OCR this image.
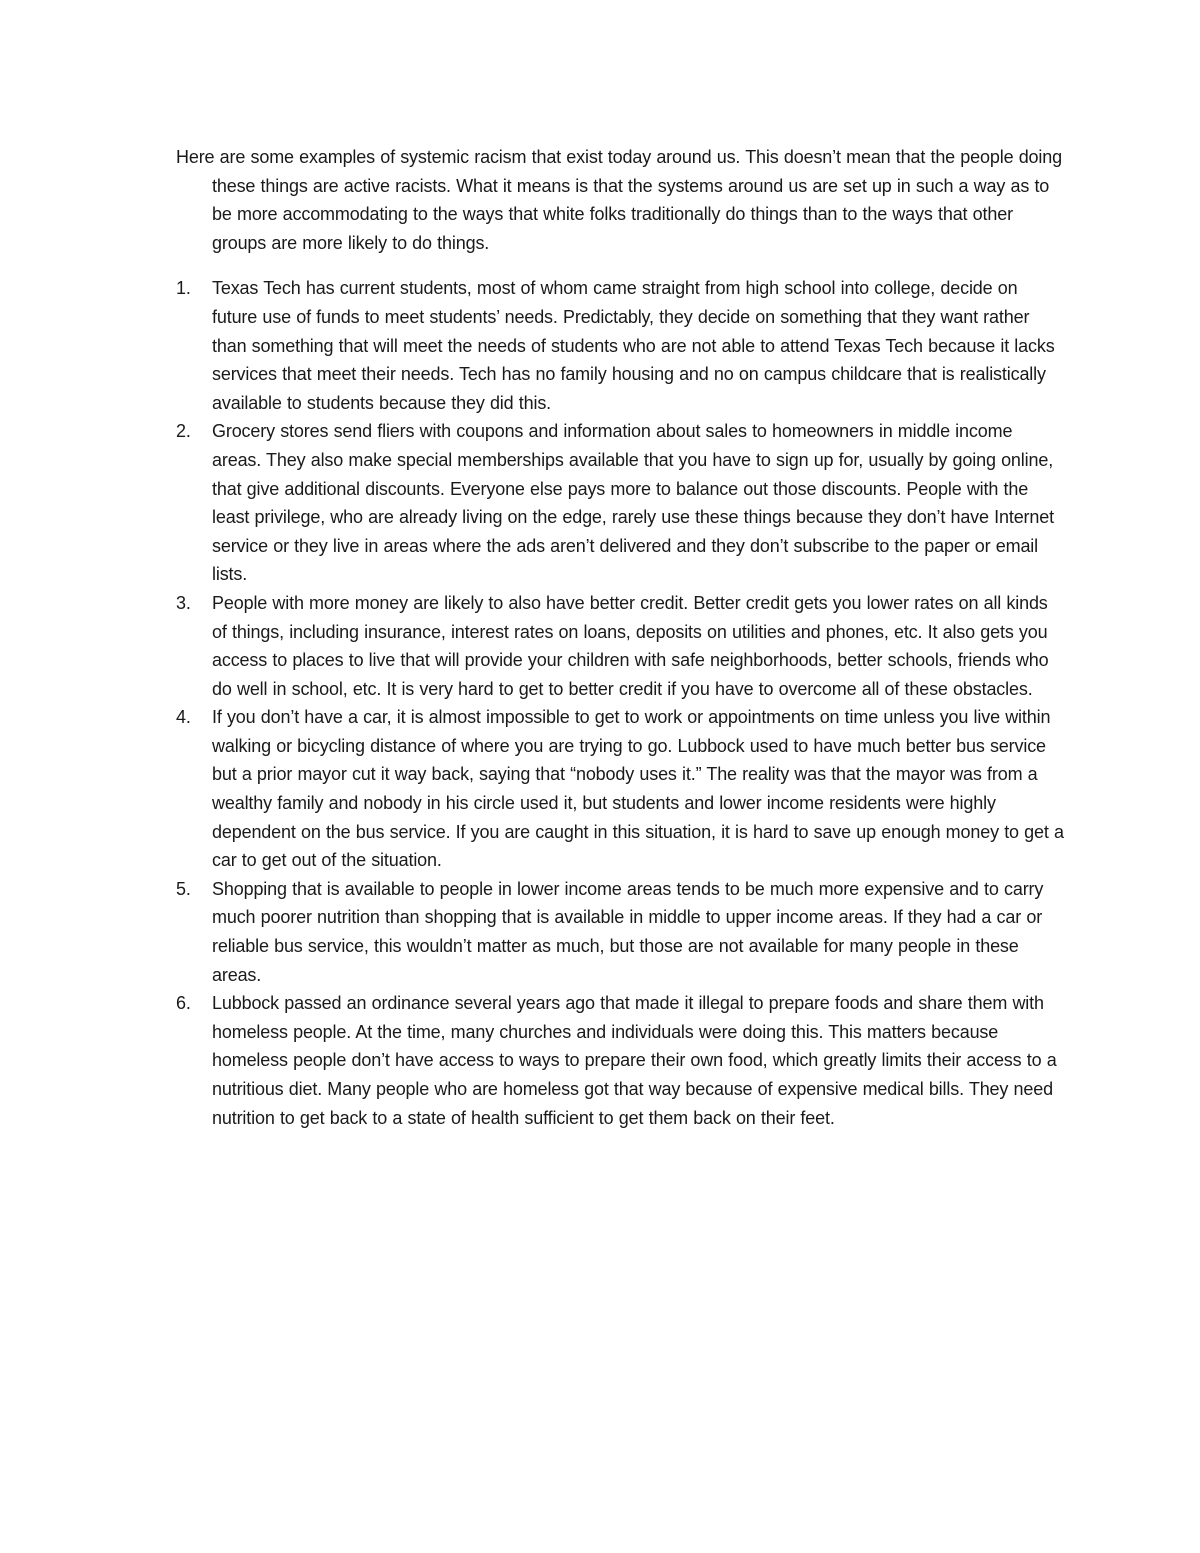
Here are some examples of systemic racism that exist today around us. This doesn’t mean that the people doing these things are active racists. What it means is that the systems around us are set up in such a way as to be more accommodating to the ways that white folks traditionally do things than to the ways that other groups are more likely to do things.

1. Texas Tech has current students, most of whom came straight from high school into college, decide on future use of funds to meet students’ needs. Predictably, they decide on something that they want rather than something that will meet the needs of students who are not able to attend Texas Tech because it lacks services that meet their needs. Tech has no family housing and no on campus childcare that is realistically available to students because they did this.
2. Grocery stores send fliers with coupons and information about sales to homeowners in middle income areas. They also make special memberships available that you have to sign up for, usually by going online, that give additional discounts. Everyone else pays more to balance out those discounts. People with the least privilege, who are already living on the edge, rarely use these things because they don’t have Internet service or they live in areas where the ads aren’t delivered and they don’t subscribe to the paper or email lists.
3. People with more money are likely to also have better credit. Better credit gets you lower rates on all kinds of things, including insurance, interest rates on loans, deposits on utilities and phones, etc. It also gets you access to places to live that will provide your children with safe neighborhoods, better schools, friends who do well in school, etc. It is very hard to get to better credit if you have to overcome all of these obstacles.
4. If you don’t have a car, it is almost impossible to get to work or appointments on time unless you live within walking or bicycling distance of where you are trying to go. Lubbock used to have much better bus service but a prior mayor cut it way back, saying that “nobody uses it.” The reality was that the mayor was from a wealthy family and nobody in his circle used it, but students and lower income residents were highly dependent on the bus service. If you are caught in this situation, it is hard to save up enough money to get a car to get out of the situation.
5. Shopping that is available to people in lower income areas tends to be much more expensive and to carry much poorer nutrition than shopping that is available in middle to upper income areas. If they had a car or reliable bus service, this wouldn’t matter as much, but those are not available for many people in these areas.
6. Lubbock passed an ordinance several years ago that made it illegal to prepare foods and share them with homeless people. At the time, many churches and individuals were doing this. This matters because homeless people don’t have access to ways to prepare their own food, which greatly limits their access to a nutritious diet. Many people who are homeless got that way because of expensive medical bills. They need nutrition to get back to a state of health sufficient to get them back on their feet.
